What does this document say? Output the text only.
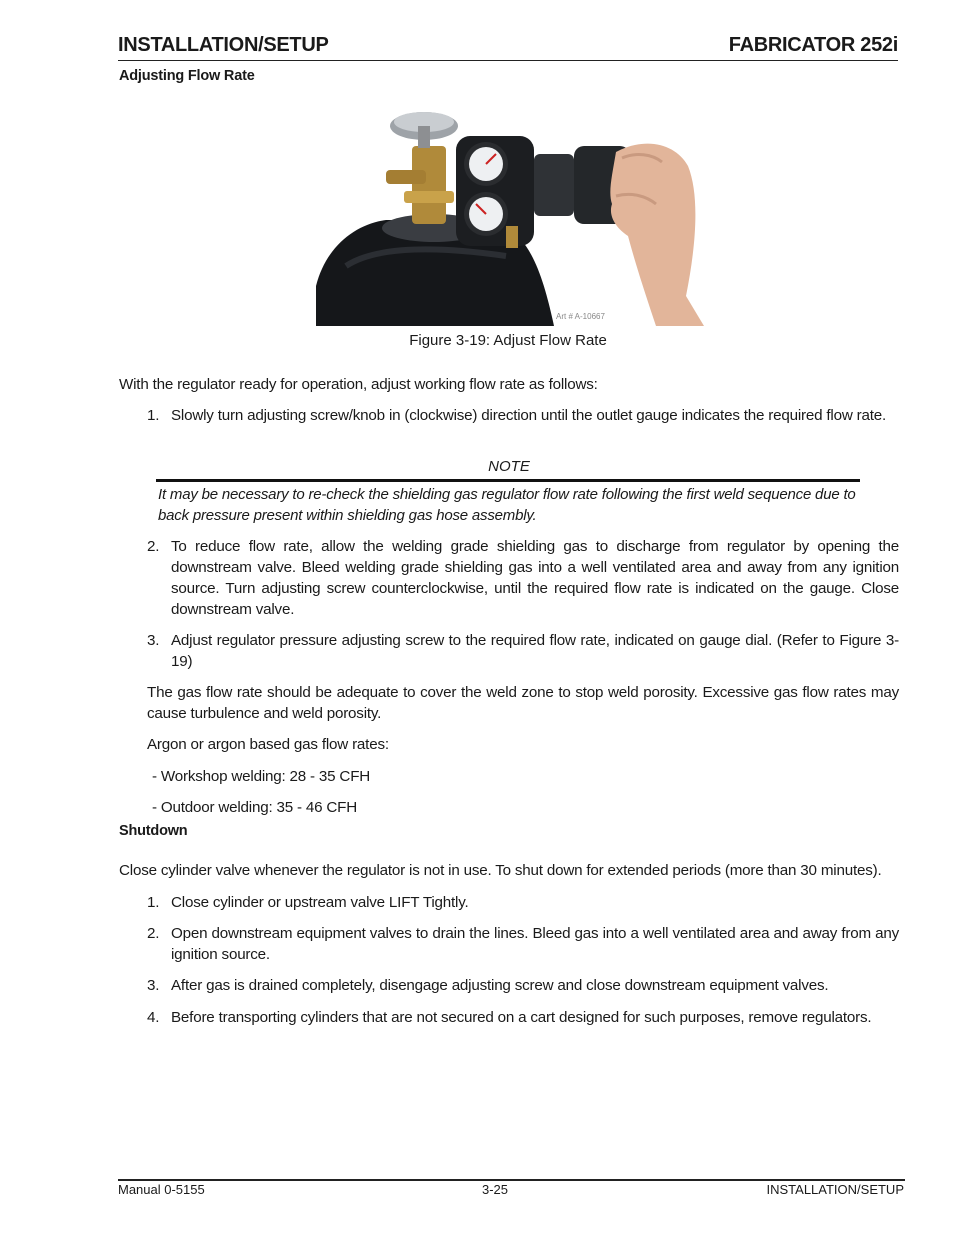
INSTALLATION/SETUP	FABRICATOR 252i
Adjusting Flow Rate
Art # A-10667
Figure 3-19: Adjust Flow Rate

With the regulator ready for operation, adjust working flow rate as follows:

1. Slowly turn adjusting screw/knob in (clockwise) direction until the outlet gauge indicates the required flow rate.

NOTE

It may be necessary to re-check the shielding gas regulator flow rate following the first weld sequence due to back pressure present within shielding gas hose assembly.

2. To reduce flow rate, allow the welding grade shielding gas to discharge from regulator by opening the downstream valve. Bleed welding grade shielding gas into a well ventilated area and away from any ignition source. Turn adjusting screw counterclockwise, until the required flow rate is indicated on the gauge. Close downstream valve.

3. Adjust regulator pressure adjusting screw to the required flow rate, indicated on gauge dial. (Refer to Figure 3-19)

The gas flow rate should be adequate to cover the weld zone to stop weld porosity. Excessive gas flow rates may cause turbulence and weld porosity.

Argon or argon based gas flow rates:

- Workshop welding: 28 - 35 CFH

- Outdoor welding: 35 - 46 CFH

Shutdown

Close cylinder valve whenever the regulator is not in use. To shut down for extended periods (more than 30 minutes).

1. Close cylinder or upstream valve LIFT Tightly.

2. Open downstream equipment valves to drain the lines. Bleed gas into a well ventilated area and away from any ignition source.

3. After gas is drained completely, disengage adjusting screw and close downstream equipment valves.

4. Before transporting cylinders that are not secured on a cart designed for such purposes, remove regulators.

Manual 0-5155	3-25	INSTALLATION/SETUP
